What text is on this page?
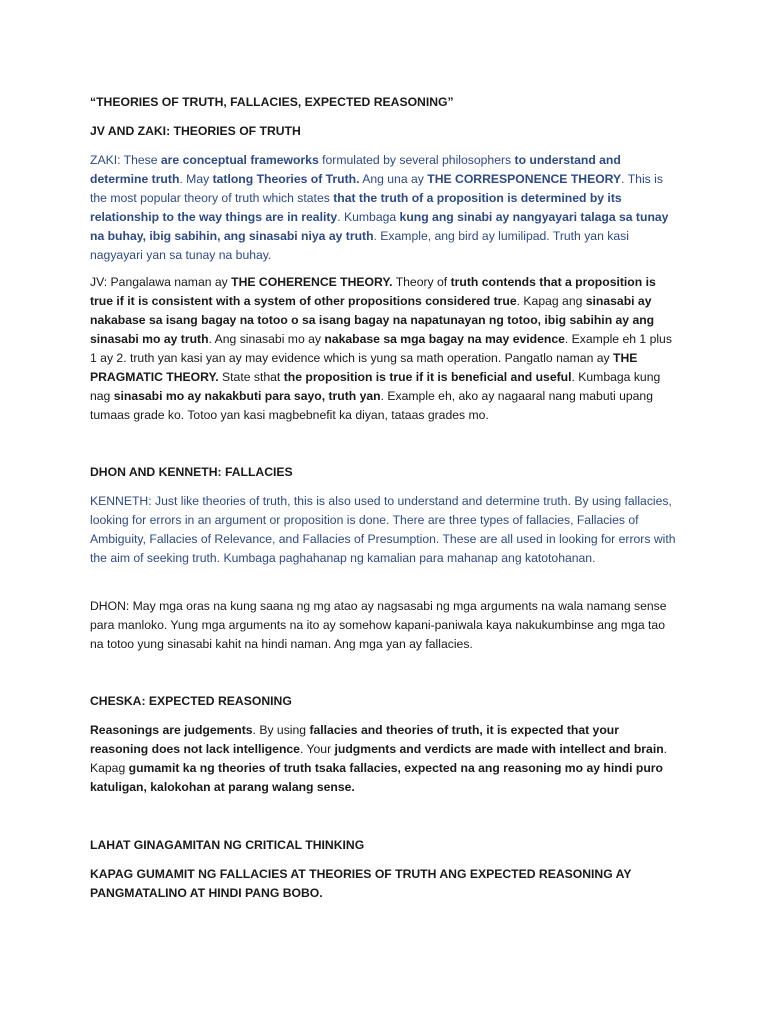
“THEORIES OF TRUTH, FALLACIES, EXPECTED REASONING”

JV AND ZAKI: THEORIES OF TRUTH

ZAKI: These are conceptual frameworks formulated by several philosophers to understand and determine truth. May tatlong Theories of Truth. Ang una ay THE CORRESPONENCE THEORY. This is the most popular theory of truth which states that the truth of a proposition is determined by its relationship to the way things are in reality. Kumbaga kung ang sinabi ay nangyayari talaga sa tunay na buhay, ibig sabihin, ang sinasabi niya ay truth. Example, ang bird ay lumilipad. Truth yan kasi nagyayari yan sa tunay na buhay.

JV: Pangalawa naman ay THE COHERENCE THEORY. Theory of truth contends that a proposition is true if it is consistent with a system of other propositions considered true. Kapag ang sinasabi ay nakabase sa isang bagay na totoo o sa isang bagay na napatunayan ng totoo, ibig sabihin ay ang sinasabi mo ay truth. Ang sinasabi mo ay nakabase sa mga bagay na may evidence. Example eh 1 plus 1 ay 2. truth yan kasi yan ay may evidence which is yung sa math operation. Pangatlo naman ay THE PRAGMATIC THEORY. State sthat the proposition is true if it is beneficial and useful. Kumbaga kung nag sinasabi mo ay nakakbuti para sayo, truth yan. Example eh, ako ay nagaaral nang mabuti upang tumaas grade ko. Totoo yan kasi magbebnefit ka diyan, tataas grades mo.

DHON AND KENNETH: FALLACIES

KENNETH: Just like theories of truth, this is also used to understand and determine truth. By using fallacies, looking for errors in an argument or proposition is done. There are three types of fallacies, Fallacies of Ambiguity, Fallacies of Relevance, and Fallacies of Presumption. These are all used in looking for errors with the aim of seeking truth. Kumbaga paghahanap ng kamalian para mahanap ang katotohanan.

DHON: May mga oras na kung saana ng mg atao ay nagsasabi ng mga arguments na wala namang sense para manloko. Yung mga arguments na ito ay somehow kapani-paniwala kaya nakukumbinse ang mga tao na totoo yung sinasabi kahit na hindi naman. Ang mga yan ay fallacies.

CHESKA: EXPECTED REASONING

Reasonings are judgements. By using fallacies and theories of truth, it is expected that your reasoning does not lack intelligence. Your judgments and verdicts are made with intellect and brain. Kapag gumamit ka ng theories of truth tsaka fallacies, expected na ang reasoning mo ay hindi puro katuligan, kalokohan at parang walang sense.

LAHAT GINAGAMITAN NG CRITICAL THINKING

KAPAG GUMAMIT NG FALLACIES AT THEORIES OF TRUTH ANG EXPECTED REASONING AY PANGMATALINO AT HINDI PANG BOBO.
